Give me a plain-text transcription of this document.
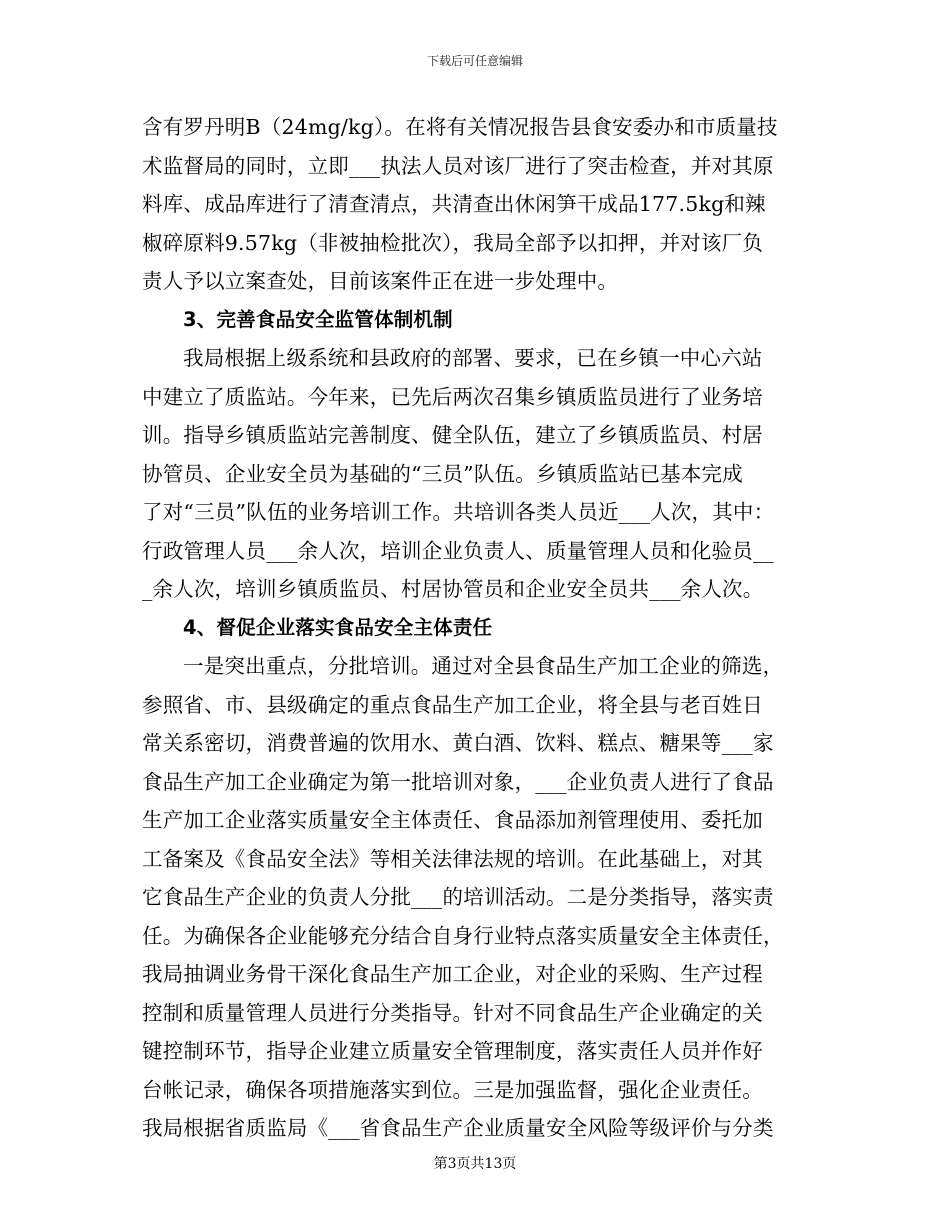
下载后可任意编辑
含有罗丹明B（24mg/kg）。在将有关情况报告县食安委办和市质量技
术监督局的同时，立即___执法人员对该厂进行了突击检查，并对其原
料库、成品库进行了清查清点，共清查出休闲笋干成品177.5kg和辣
椒碎原料9.57kg（非被抽检批次），我局全部予以扣押，并对该厂负
责人予以立案查处，目前该案件正在进一步处理中。
3、完善食品安全监管体制机制
我局根据上级系统和县政府的部署、要求，已在乡镇一中心六站
中建立了质监站。今年来，已先后两次召集乡镇质监员进行了业务培
训。指导乡镇质监站完善制度、健全队伍，建立了乡镇质监员、村居
协管员、企业安全员为基础的“三员”队伍。乡镇质监站已基本完成
了对“三员”队伍的业务培训工作。共培训各类人员近___人次，其中：
行政管理人员___余人次，培训企业负责人、质量管理人员和化验员__
_余人次，培训乡镇质监员、村居协管员和企业安全员共___余人次。
4、督促企业落实食品安全主体责任
一是突出重点，分批培训。通过对全县食品生产加工企业的筛选，
参照省、市、县级确定的重点食品生产加工企业，将全县与老百姓日
常关系密切，消费普遍的饮用水、黄白酒、饮料、糕点、糖果等___家
食品生产加工企业确定为第一批培训对象，___企业负责人进行了食品
生产加工企业落实质量安全主体责任、食品添加剂管理使用、委托加
工备案及《食品安全法》等相关法律法规的培训。在此基础上，对其
它食品生产企业的负责人分批___的培训活动。二是分类指导，落实责
任。为确保各企业能够充分结合自身行业特点落实质量安全主体责任，
我局抽调业务骨干深化食品生产加工企业，对企业的采购、生产过程
控制和质量管理人员进行分类指导。针对不同食品生产企业确定的关
键控制环节，指导企业建立质量安全管理制度，落实责任人员并作好
台帐记录，确保各项措施落实到位。三是加强监督，强化企业责任。
我局根据省质监局《___省食品生产企业质量安全风险等级评价与分类
第3页共13页
